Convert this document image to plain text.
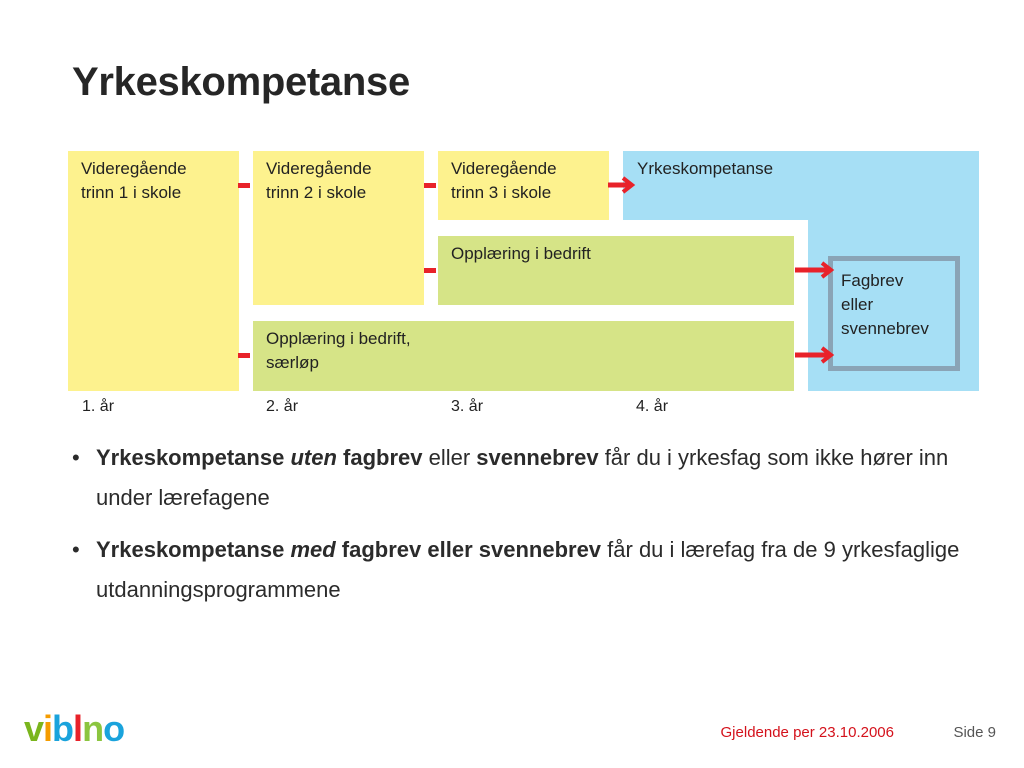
Yrkeskompetanse
Yrkeskompetanse
Videregående
trinn 1 i skole
Videregående
trinn 2 i skole
Videregående
trinn 3 i skole
Opplæring i bedrift
Opplæring i bedrift,
særløp
Fagbrev
eller
svennebrev
1. år	2. år	3. år	4. år
• Yrkeskompetanse uten fagbrev eller svennebrev får du i yrkesfag som ikke hører inn under lærefagene
• Yrkeskompetanse med fagbrev eller svennebrev får du i lærefag fra de 9 yrkesfaglige utdanningsprogrammene
viblno	Gjeldende per 23.10.2006	Side 9
